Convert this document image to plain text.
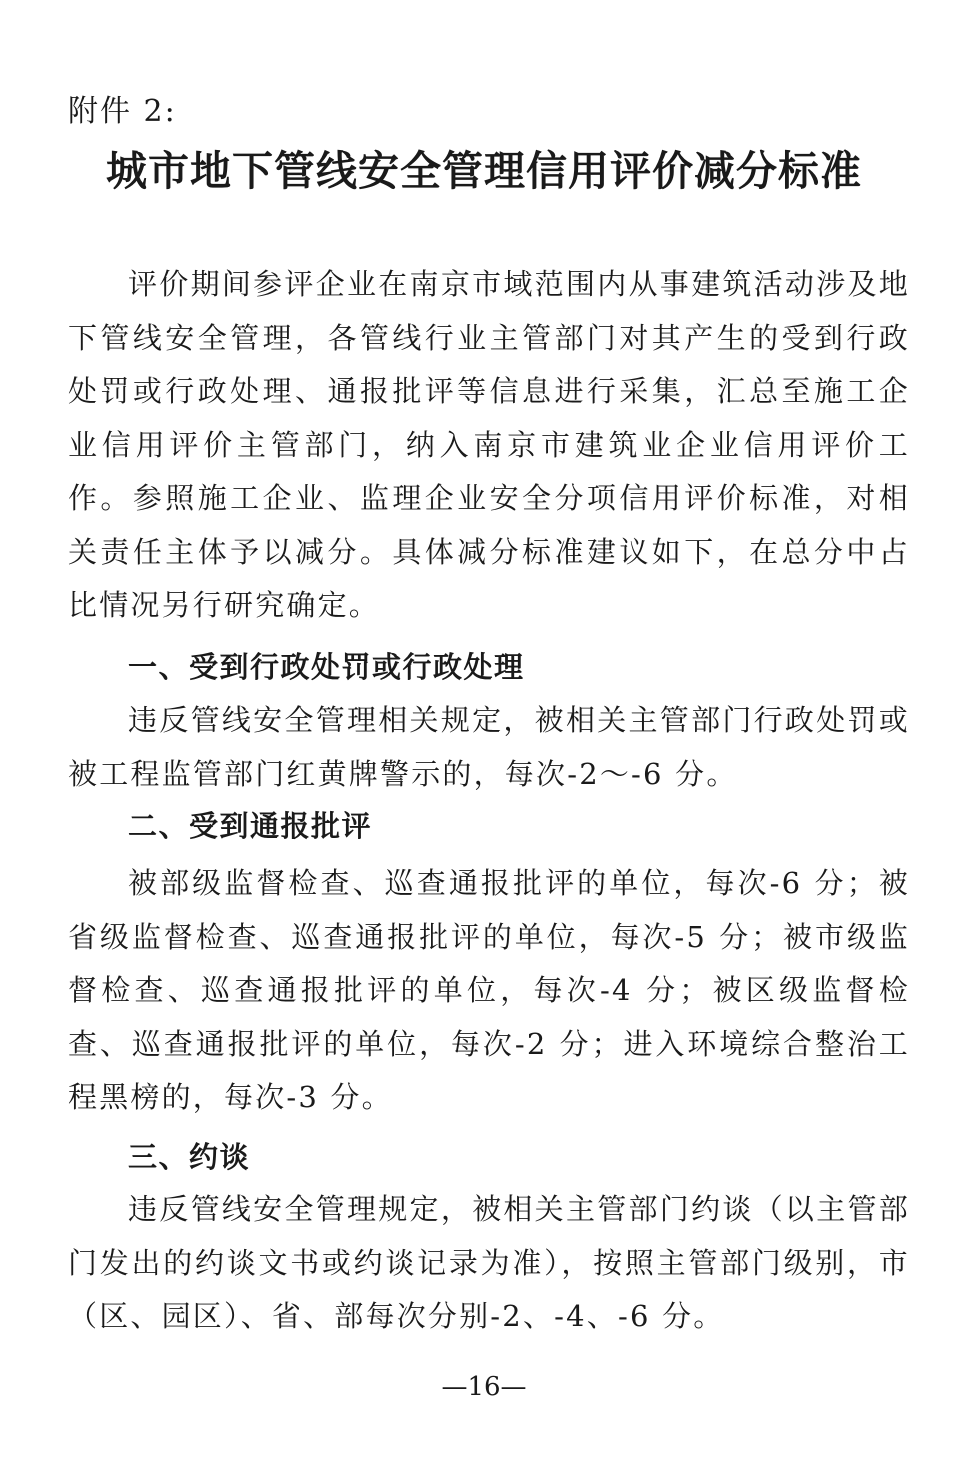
附件 2:
城市地下管线安全管理信用评价减分标准

评价期间参评企业在南京市域范围内从事建筑活动涉及地下管线安全管理，各管线行业主管部门对其产生的受到行政处罚或行政处理、通报批评等信息进行采集，汇总至施工企业信用评价主管部门，纳入南京市建筑业企业信用评价工作。参照施工企业、监理企业安全分项信用评价标准，对相关责任主体予以减分。具体减分标准建议如下，在总分中占比情况另行研究确定。

一、受到行政处罚或行政处理

违反管线安全管理相关规定，被相关主管部门行政处罚或被工程监管部门红黄牌警示的，每次-2～-6 分。

二、受到通报批评

被部级监督检查、巡查通报批评的单位，每次-6 分；被省级监督检查、巡查通报批评的单位，每次-5 分；被市级监督检查、巡查通报批评的单位，每次-4 分；被区级监督检查、巡查通报批评的单位，每次-2 分；进入环境综合整治工程黑榜的，每次-3 分。

三、约谈

违反管线安全管理规定，被相关主管部门约谈（以主管部门发出的约谈文书或约谈记录为准），按照主管部门级别，市（区、园区）、省、部每次分别-2、-4、-6 分。

—16—
